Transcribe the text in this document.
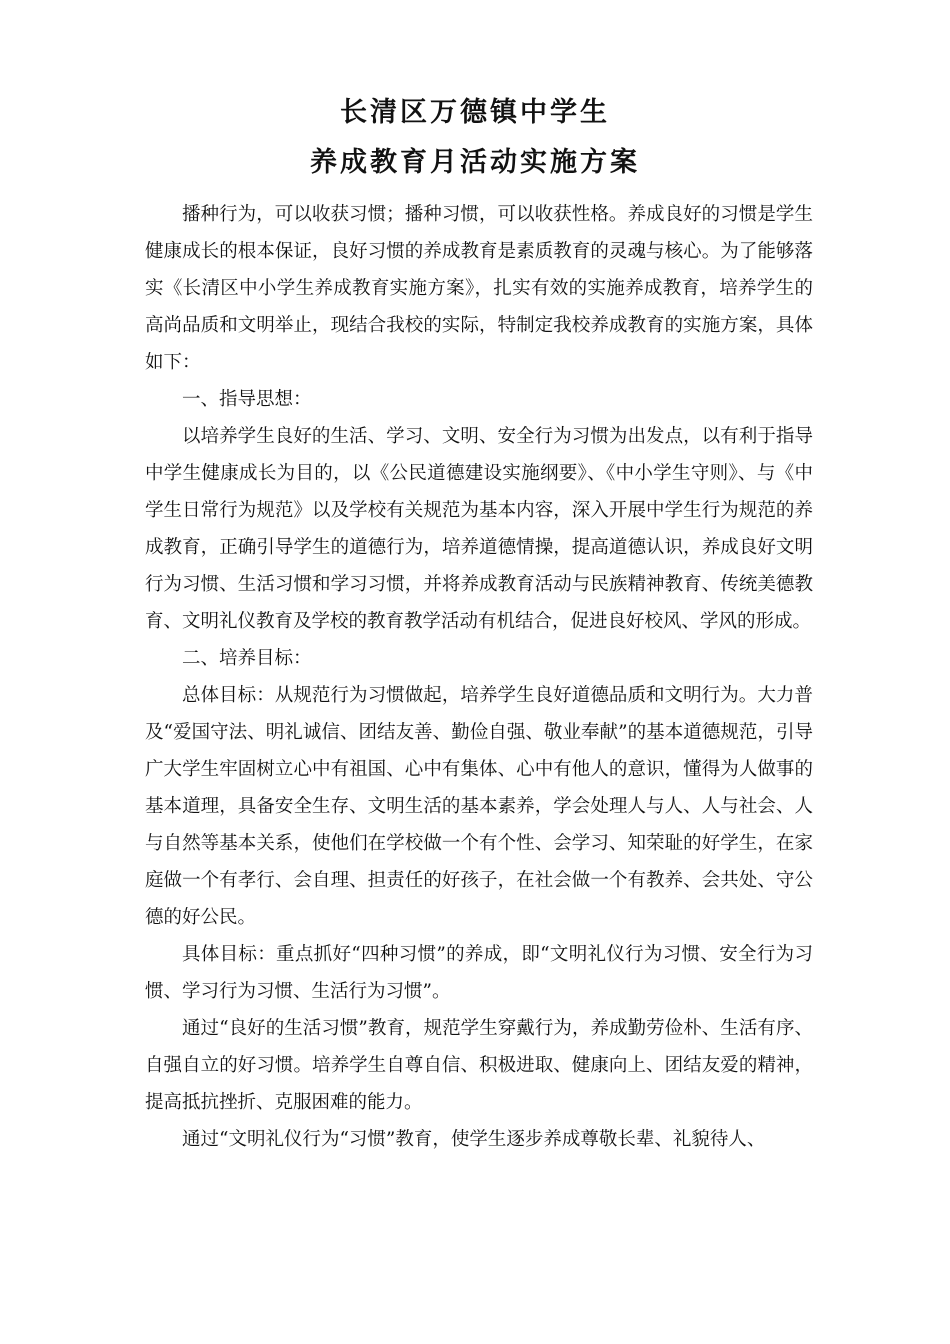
长清区万德镇中学生
养成教育月活动实施方案

播种行为，可以收获习惯；播种习惯，可以收获性格。养成良好的习惯是学生健康成长的根本保证，良好习惯的养成教育是素质教育的灵魂与核心。为了能够落实《长清区中小学生养成教育实施方案》，扎实有效的实施养成教育，培养学生的高尚品质和文明举止，现结合我校的实际，特制定我校养成教育的实施方案，具体如下：

一、指导思想：

以培养学生良好的生活、学习、文明、安全行为习惯为出发点，以有利于指导中学生健康成长为目的，以《公民道德建设实施纲要》、《中小学生守则》、与《中学生日常行为规范》以及学校有关规范为基本内容，深入开展中学生行为规范的养成教育，正确引导学生的道德行为，培养道德情操，提高道德认识，养成良好文明行为习惯、生活习惯和学习习惯，并将养成教育活动与民族精神教育、传统美德教育、文明礼仪教育及学校的教育教学活动有机结合，促进良好校风、学风的形成。

二、培养目标：

总体目标：从规范行为习惯做起，培养学生良好道德品质和文明行为。大力普及“爱国守法、明礼诚信、团结友善、勤俭自强、敬业奉献”的基本道德规范，引导广大学生牢固树立心中有祖国、心中有集体、心中有他人的意识，懂得为人做事的基本道理，具备安全生存、文明生活的基本素养，学会处理人与人、人与社会、人与自然等基本关系，使他们在学校做一个有个性、会学习、知荣耻的好学生，在家庭做一个有孝行、会自理、担责任的好孩子，在社会做一个有教养、会共处、守公德的好公民。

具体目标：重点抓好“四种习惯”的养成，即“文明礼仪行为习惯、安全行为习惯、学习行为习惯、生活行为习惯”。

通过“良好的生活习惯”教育，规范学生穿戴行为，养成勤劳俭朴、生活有序、自强自立的好习惯。培养学生自尊自信、积极进取、健康向上、团结友爱的精神，提高抵抗挫折、克服困难的能力。

通过“文明礼仪行为“习惯”教育，使学生逐步养成尊敬长辈、礼貌待人、
